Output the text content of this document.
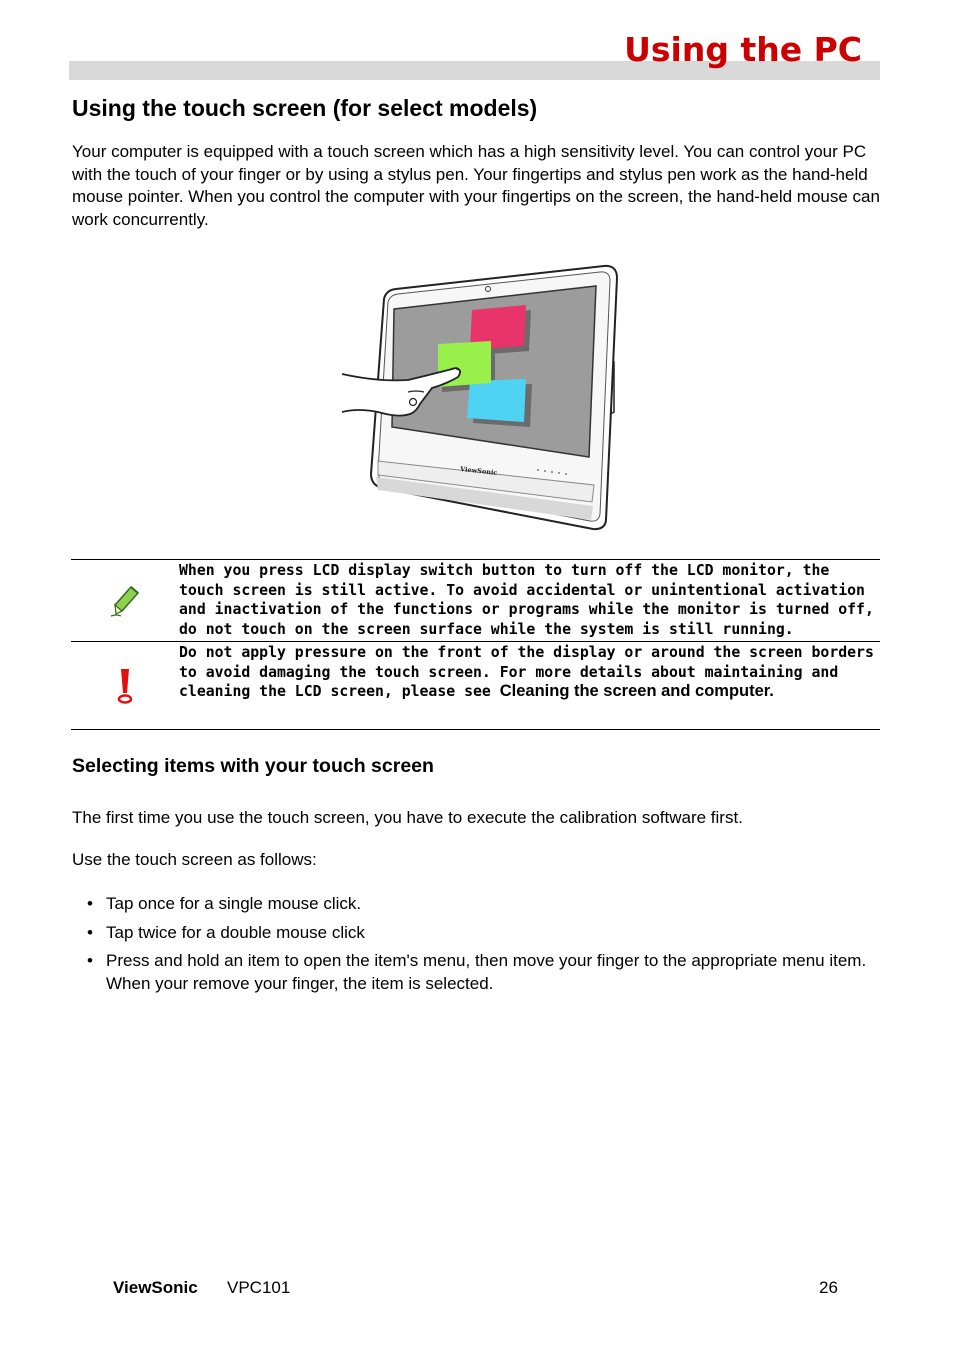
Using the PC
Using the touch screen (for select models)
Your computer is equipped with a touch screen which has a high sensitivity level. You can control your PC with the touch of your finger or by using a stylus pen. Your fingertips and stylus pen work as the hand-held mouse pointer. When you control the computer with your fingertips on the screen, the hand-held mouse can work concurrently.
ViewSonic
When you press LCD display switch button to turn off the LCD monitor, the touch screen is still active. To avoid accidental or unintentional activation and inactivation of the functions or programs while the monitor is turned off, do not touch on the screen surface while the system is still running.
Do not apply pressure on the front of the display or around the screen borders to avoid damaging the touch screen. For more details about maintaining and cleaning the LCD screen, please see Cleaning the screen and computer.
Selecting items with your touch screen
The first time you use the touch screen, you have to execute the calibration software first.
Use the touch screen as follows:
• Tap once for a single mouse click.
• Tap twice for a double mouse click
• Press and hold an item to open the item's menu, then move your finger to the appropriate menu item. When your remove your finger, the item is selected.
ViewSonic VPC101	26
